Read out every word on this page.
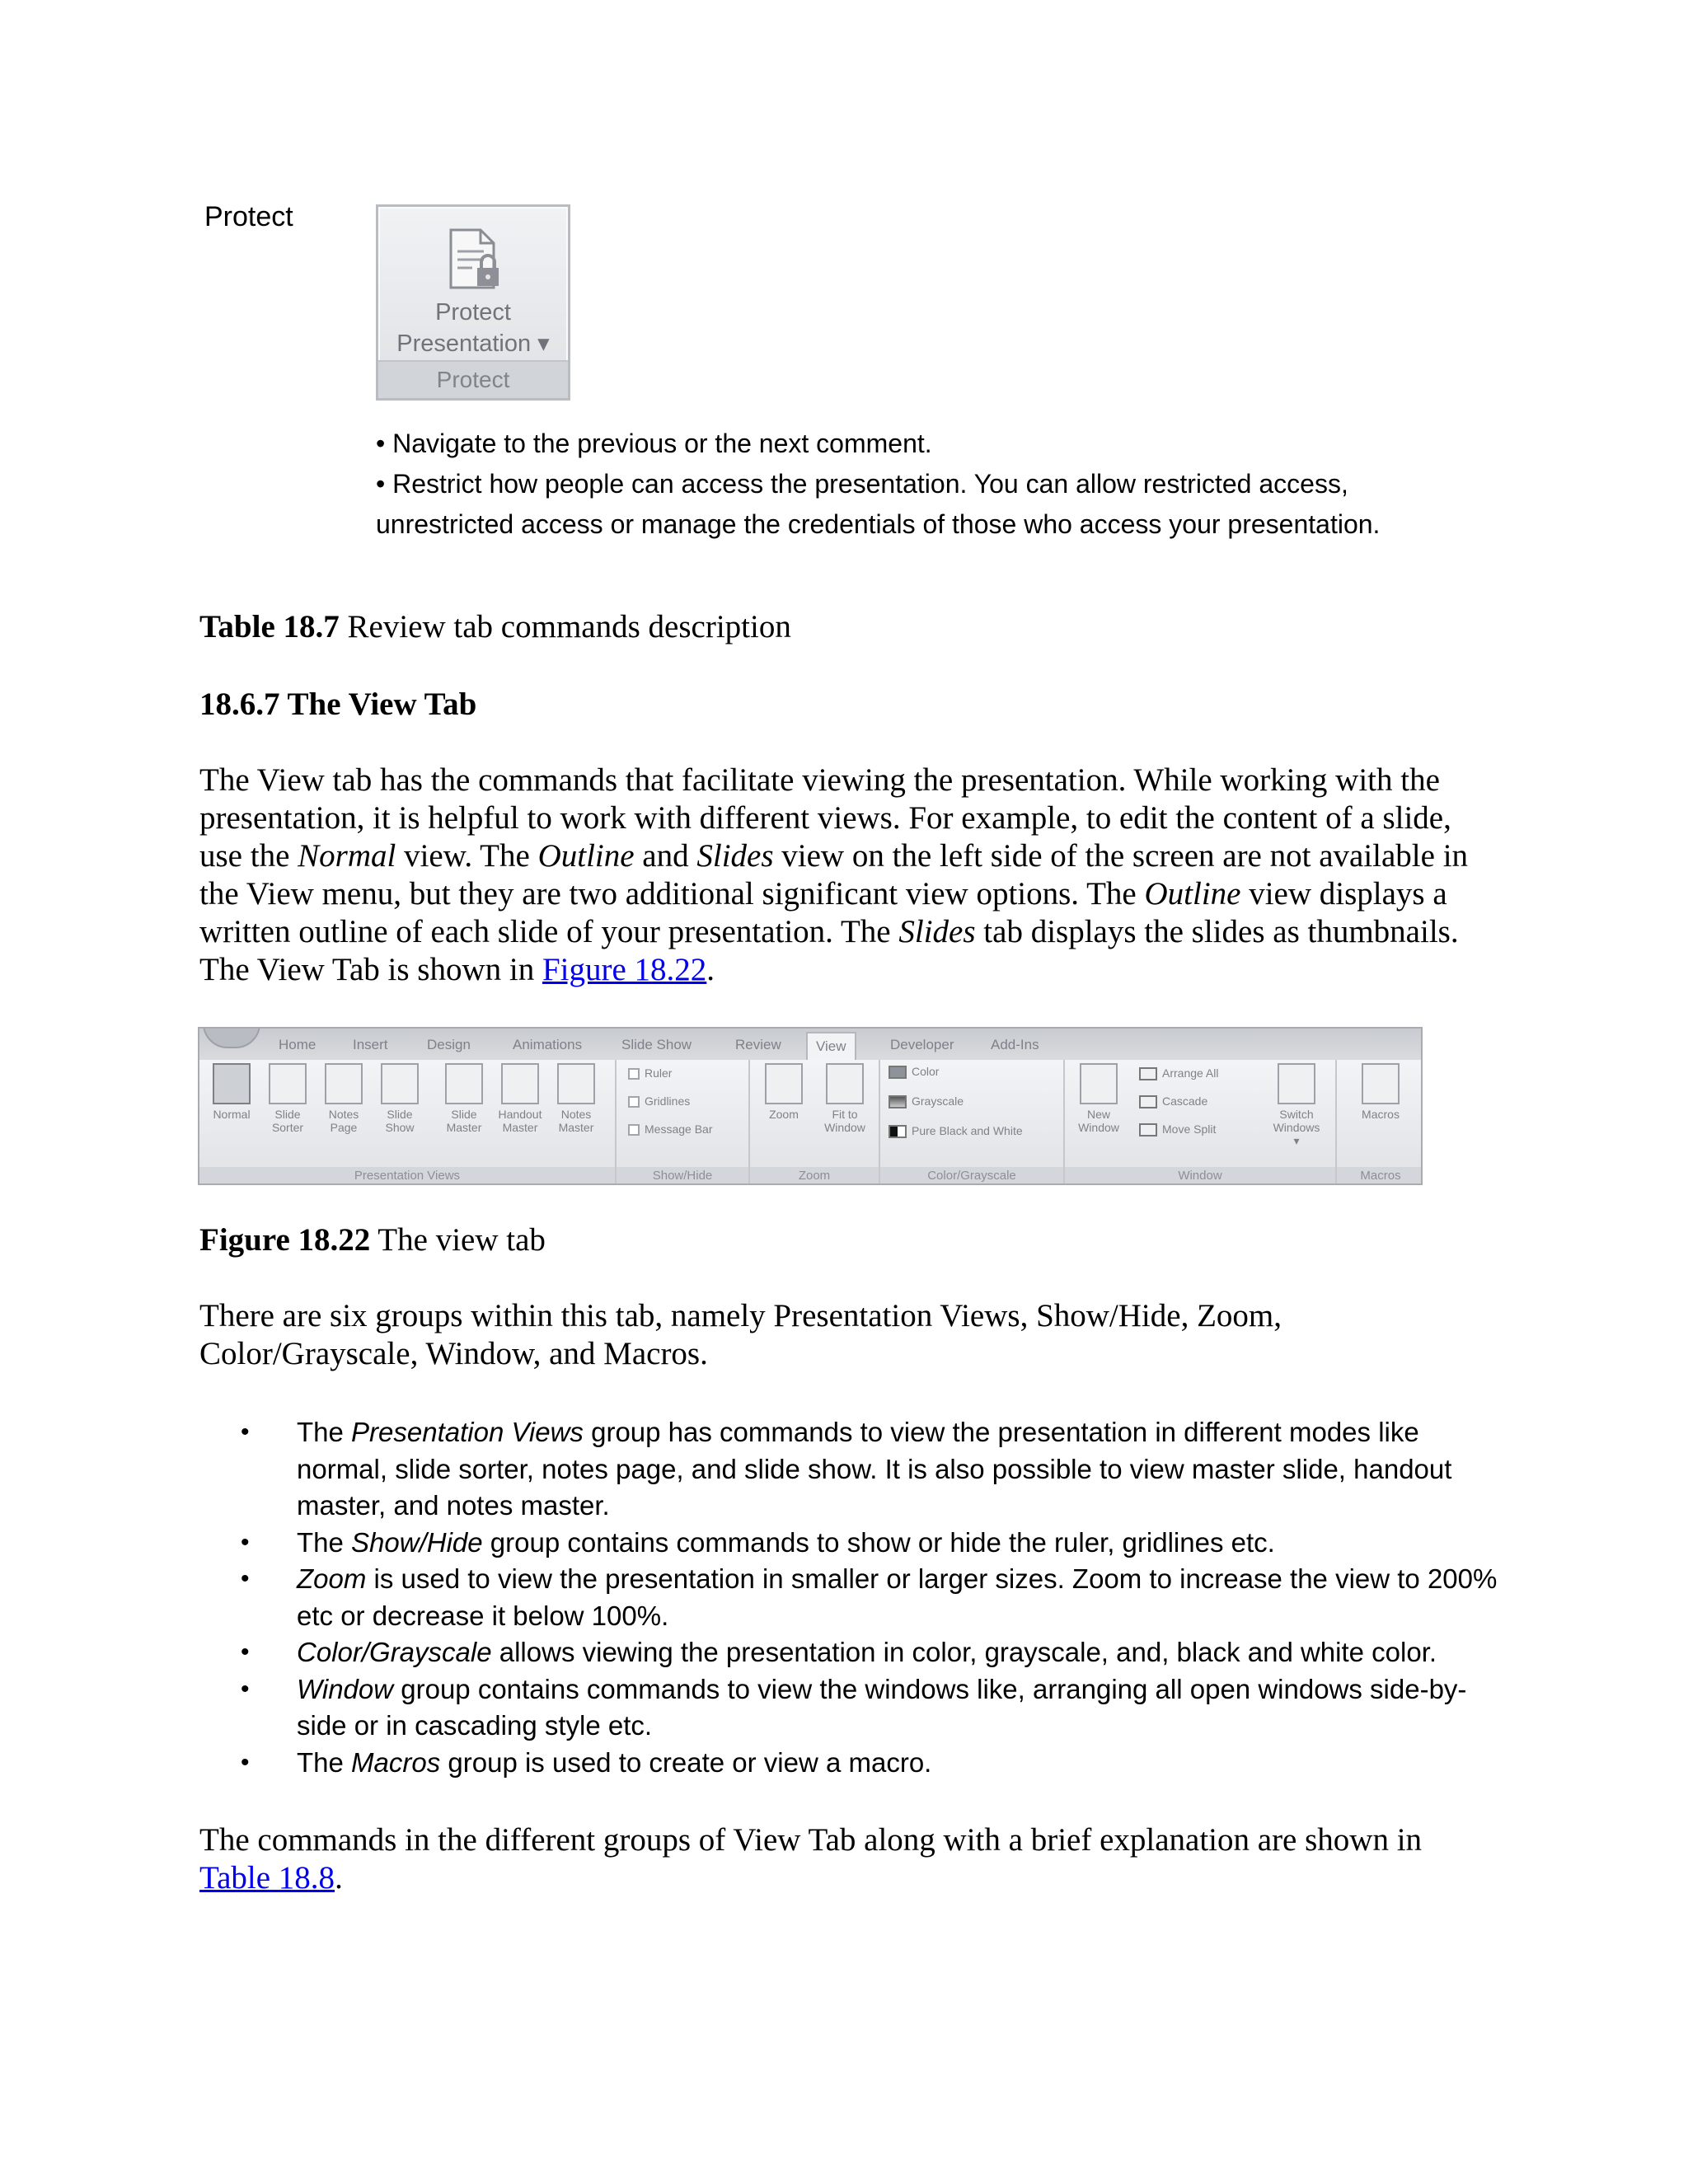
Protect
Protect
Presentation ▾
Protect
• Navigate to the previous or the next comment.
• Restrict how people can access the presentation. You can allow restricted access,
unrestricted access or manage the credentials of those who access your presentation.
Table 18.7 Review tab commands description
18.6.7 The View Tab
The View tab has the commands that facilitate viewing the presentation. While working with the presentation, it is helpful to work with different views. For example, to edit the content of a slide, use the Normal view. The Outline and Slides view on the left side of the screen are not available in the View menu, but they are two additional significant view options. The Outline view displays a written outline of each slide of your presentation. The Slides tab displays the slides as thumbnails. The View Tab is shown in Figure 18.22.
Home	Insert	Design	Animations	Slide Show	Review	View	Developer	Add-Ins
Normal	Slide
Sorter
Notes
Page
Slide
Show
Slide
Master
Handout
Master
Notes
Master
Presentation Views
Ruler
Gridlines
Message Bar
Show/Hide
Zoom	Fit to
Window
Zoom
Color
Grayscale
Pure Black and White
Color/Grayscale
New
Window
Arrange All
Cascade
Move Split
Switch
Windows ▾
Window
Macros
Macros
Figure 18.22 The view tab
There are six groups within this tab, namely Presentation Views, Show/Hide, Zoom, Color/Grayscale, Window, and Macros.
• The Presentation Views group has commands to view the presentation in different modes like normal, slide sorter, notes page, and slide show. It is also possible to view master slide, handout master, and notes master.
• The Show/Hide group contains commands to show or hide the ruler, gridlines etc.
• Zoom is used to view the presentation in smaller or larger sizes. Zoom to increase the view to 200% etc or decrease it below 100%.
• Color/Grayscale allows viewing the presentation in color, grayscale, and, black and white color.
• Window group contains commands to view the windows like, arranging all open windows side-by-side or in cascading style etc.
• The Macros group is used to create or view a macro.
The commands in the different groups of View Tab along with a brief explanation are shown in Table 18.8.
